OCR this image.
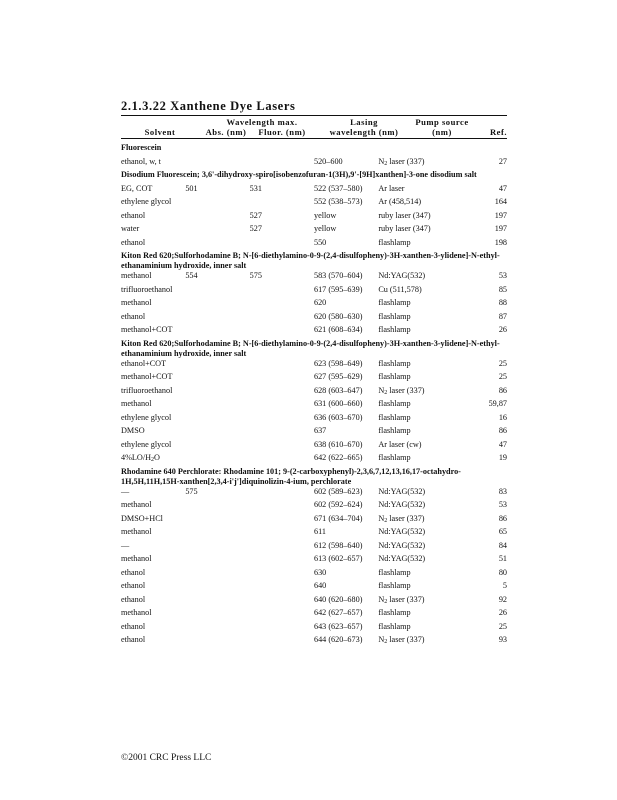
2.1.3.22 Xanthene Dye Lasers
Wavelength max.	Lasing	Pump source
Solvent	Abs. (nm)	Fluor. (nm)	wavelength (nm)	(nm)	Ref.
Fluorescein					
ethanol, w, t			520–600	$N_2$ laser (337)	27
Disodium Fluorescein; 3,6'-dihydroxy-spiro[isobenzofuran-1(3H),9'-[9H]xanthen]-3-one disodium salt					
EG, COT	501	531	522 (537–580)	Ar laser	47
ethylene glycol			552 (538–573)	Ar (458,514)	164
ethanol		527	yellow	ruby laser (347)	197
water		527	yellow	ruby laser (347)	197
ethanol			550	flashlamp	198
Kiton Red 620;Sulforhodamine B; N-[6-diethylamino-0-9-(2,4-disulfopheny)-3H-xanthen-3-ylidene]-N-ethyl-ethanaminium hydroxide, inner salt					
methanol	554	575	583 (570–604)	Nd:YAG(532)	53
trifluoroethanol			617 (595–639)	Cu (511,578)	85
methanol			620	flashlamp	88
ethanol			620 (580–630)	flashlamp	87
methanol+COT			621 (608–634)	flashlamp	26
Kiton Red 620;Sulforhodamine B; N-[6-diethylamino-0-9-(2,4-disulfopheny)-3H-xanthen-3-ylidene]-N-ethyl-ethanaminium hydroxide, inner salt					
ethanol+COT			623 (598–649)	flashlamp	25
methanol+COT			627 (595–629)	flashlamp	25
trifluoroethanol			628 (603–647)	$N_2$ laser (337)	86
methanol			631 (600–660)	flashlamp	59,87
ethylene glycol			636 (603–670)	flashlamp	16
DMSO			637	flashlamp	86
ethylene glycol			638 (610–670)	Ar laser (cw)	47
$4\%LO/H_2O$			642 (622–665)	flashlamp	19
Rhodamine 640 Perchlorate: Rhodamine 101; 9-(2-carboxyphenyl)-2,3,6,7,12,13,16,17-octahydro-1H,5H,11H,15H-xanthen[2,3,4-i'j']diquinolizin-4-ium, perchlorate					
—	575		602 (589–623)	Nd:YAG(532)	83
methanol			602 (592–624)	Nd:YAG(532)	53
DMSO+HCl			671 (634–704)	$N_2$ laser (337)	86
methanol			611	Nd:YAG(532)	65
—			612 (598–640)	Nd:YAG(532)	84
methanol			613 (602–657)	Nd:YAG(532)	51
ethanol			630	flashlamp	80
ethanol			640	flashlamp	5
ethanol			640 (620–680)	$N_2$ laser (337)	92
methanol			642 (627–657)	flashlamp	26
ethanol			643 (623–657)	flashlamp	25
ethanol			644 (620–673)	$N_2$ laser (337)	93
©2001 CRC Press LLC
